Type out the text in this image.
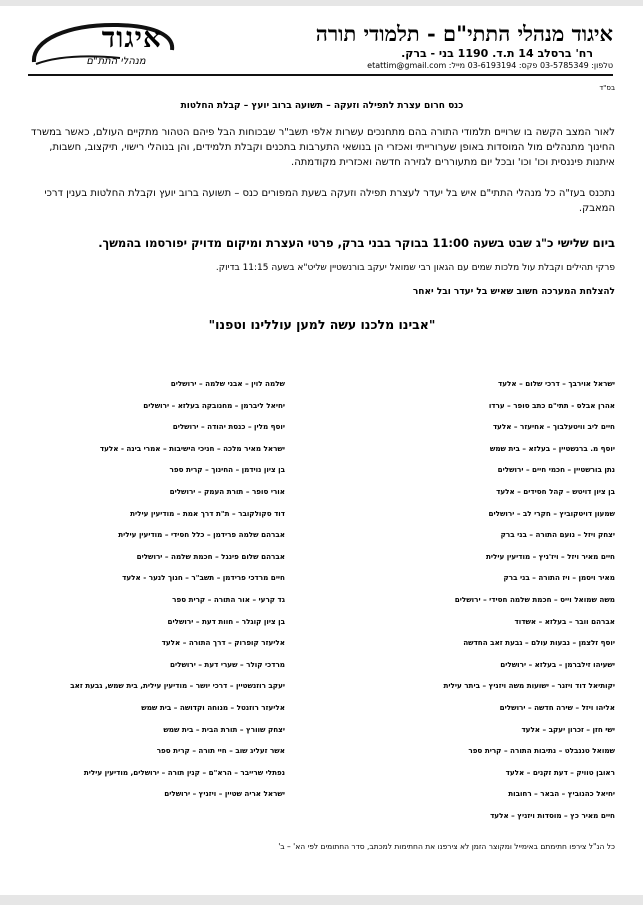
איגוד
מנהלי התת"ם
איגוד מנהלי התתי"ם - תלמודי תורה
רח' ברסלב 14 ת.ד. 1190 בני - ברק.
טלפון: 03-5785349 פקס: 03-6193194 מייל: etattim@gmail.com
בס"ד
כנס חרום עצרת לתפילה וזעקה – תשועה ברוב יועץ – קבלת החלטות
לאור המצב הקשה בו שרויים תלמודי התורה בהם מתחנכים עשרות אלפי תשב"ר שבכוחות הבל פיהם הטהור מתקיים העולם, כאשר במשרד החינוך מתנהלים מול המוסדות באופן שערורייתי ואכזרי הן בנושאי התערבות בתכנים וקבלת תלמידים, והן בנוהלי רישוי, תיקצוב, חשבות, איתנות פיננסית וכו' וכו' ובכל יום מתעוררים לגזירה חדשה ואכזרית מקודמתה.
נתכנס בעז"ה כל מנהלי התתי"ם איש בל יעדר לעצרת תפילה וזעקה בשעת המפורים כנס – תשועה ברוב יועץ וקבלת החלטות בענין דרכי המאבק.
ביום שלישי כ"ג שבט בשעה 11:00 בבוקר בבני ברק, פרטי העצרת ומיקום מדויק יפורסמו בהמשך.
פרקי תהילים וקבלת עול מלכות שמים עם הגאון רבי שמואל יעקב בורנשטיין שליט"א בשעה 11:15 בדיוק.
להצלחת המערכה חשוב שאיש בל יעדר ובל יאחר
"אבינו מלכנו עשה למען עוללינו וטפנו"
ישראל אוירבך – דרכי שלום – אלעד
אהרן אבלס - תתי"ם כתב סופר – ערדו
חיים ליב וויטעלבוך – אחיעזר – אלעד
יוסף מ. ברנשטיין – בעלזא – בית שמש
נתן בורשטיין – חכמי חיים – ירושלים
בן ציון דויטש – קהל חסידים – אלעד
שמעון דויטקוביץ – חקרי לב – ירושלים
יצחק ויזל – נועם התורה – בני ברק
חיים מאיר ויזל – ויז'ניץ – מודיעין עילית
מאיר ויסמן – ויז התורה – בני ברק
משה שמואל וייס – חכמת שלמה חסידי – ירושלים
אברהם וובר – בעלזא – אשדוד
יוסף זלצמן – נבעות עולם – גבעת זאב החדשה
ישעיהו זילברמן – בעלזא – ירושלים
יקותיאל דוד ויזנר – ישועות משה ויזניץ – ביתר עילית
אליהו ויזל – שירה חדשה – ירושלים
ישי חזן – זכרון יעקב – אלעד
שמואל טננבלט – נתיבות התורה – קרית ספר
ראובן טוויק – דעת זקנים – אלעד
יחיאל כהנוביץ – הבאר – רחובות
חיים מאיר כץ – מוסדות ויזניץ – אלעד
שלמה לוין – אבני שלמה – ירושלים
יחיאל ליברמן – מחנובקה בעלזא – ירושלים
יוסף מלין – כנסת יהודה – ירושלים
ישראל מאיר מלכה – חניכי הישיבות – אמרי בינה - אלעד
בן ציון נוידמן – החינוך – קרית ספר
אורי סופר – תורת העמק – ירושלים
דוד סקולקובר – ת"ת דרך אמת – מודיעין עילית
אברהם שלמה פרידמן – כלל חסידי – מודיעין עילית
אברהם שלום פינגל – חכמת שלמה – ירושלים
חיים מרדכי פרידמן – תשב"ר – חנוך לנער - אלעד
גד קרעי – אור התורה – קרית ספר
בן ציון קוגלר – חוות דעת – ירושלים
אליעזר קופרוק – דרך התורה – אלעד
מרדכי קולר – שערי דעת – ירושלים
יעקב רוזנשטיין – דרכי יושר – מודיעין עילית, בית שמש, גבעת זאב
אליעזר רוזנטל – מנוחה וקדושה – בית שמש
יצחק שוורץ – תורת הבית – בית שמש
אשר זעליג שוב – חיי תורה – קרית ספר
נפתלי שרייבר – הרא"ם – קנין תורה – ירושלים, מודיעין עילית
ישראל אריה שטיין – ויזניץ – ירושלים
כל הנ"ל צירפו חתימתם באימייל ומקוצר הזמן לא צירפנו את החתימות למכתב, סדר החתומים לפי הא' – ב'
